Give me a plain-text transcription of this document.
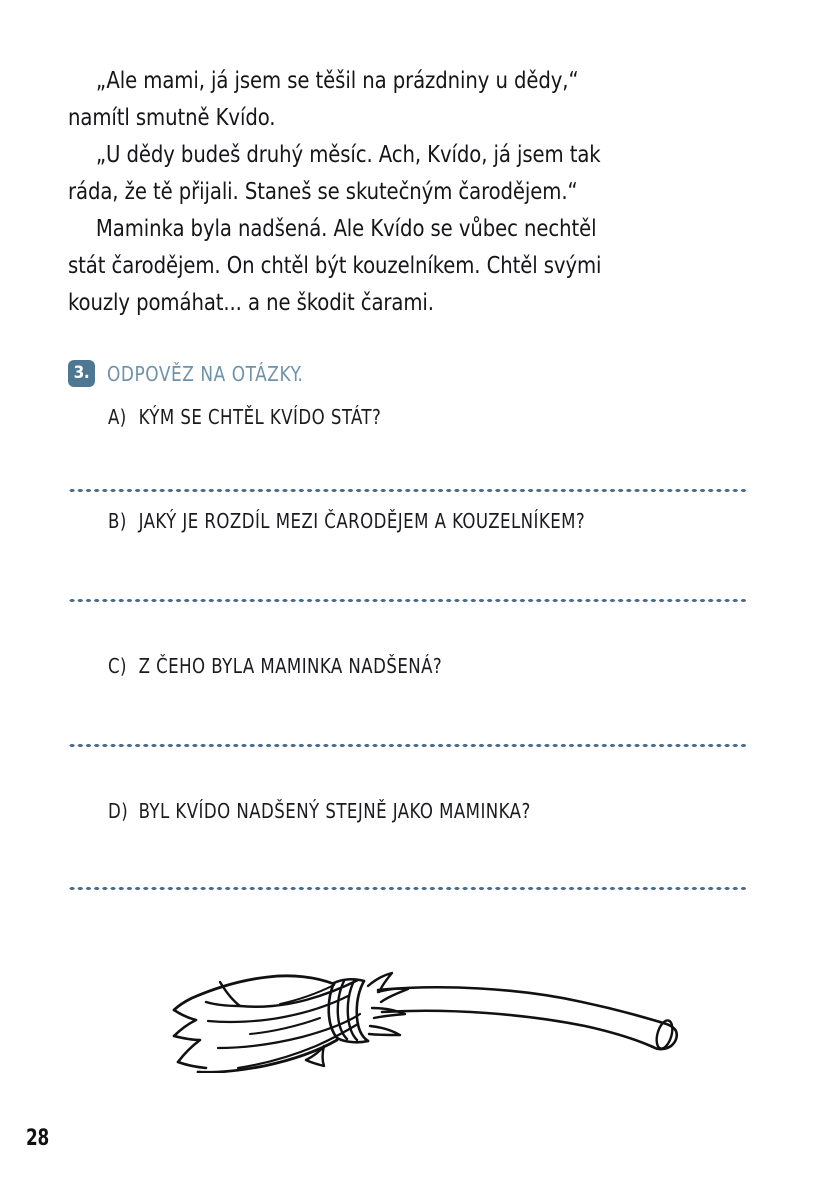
„Ale mami, já jsem se těšil na prázdniny u dědy,“ namítl smutně Kvído.

„U dědy budeš druhý měsíc. Ach, Kvído, já jsem tak ráda, že tě přijali. Staneš se skutečným čarodějem.“

Maminka byla nadšená. Ale Kvído se vůbec nechtěl stát čarodějem. On chtěl být kouzelníkem. Chtěl svými kouzly pomáhat... a ne škodit čarami.

3. ODPOVĚZ NA OTÁZKY.
A) KÝM SE CHTĚL KVÍDO STÁT?
B) JAKÝ JE ROZDÍL MEZI ČARODĚJEM A KOUZELNÍKEM?
C) Z ČEHO BYLA MAMINKA NADŠENÁ?
D) BYL KVÍDO NADŠENÝ STEJNĚ JAKO MAMINKA?
28
